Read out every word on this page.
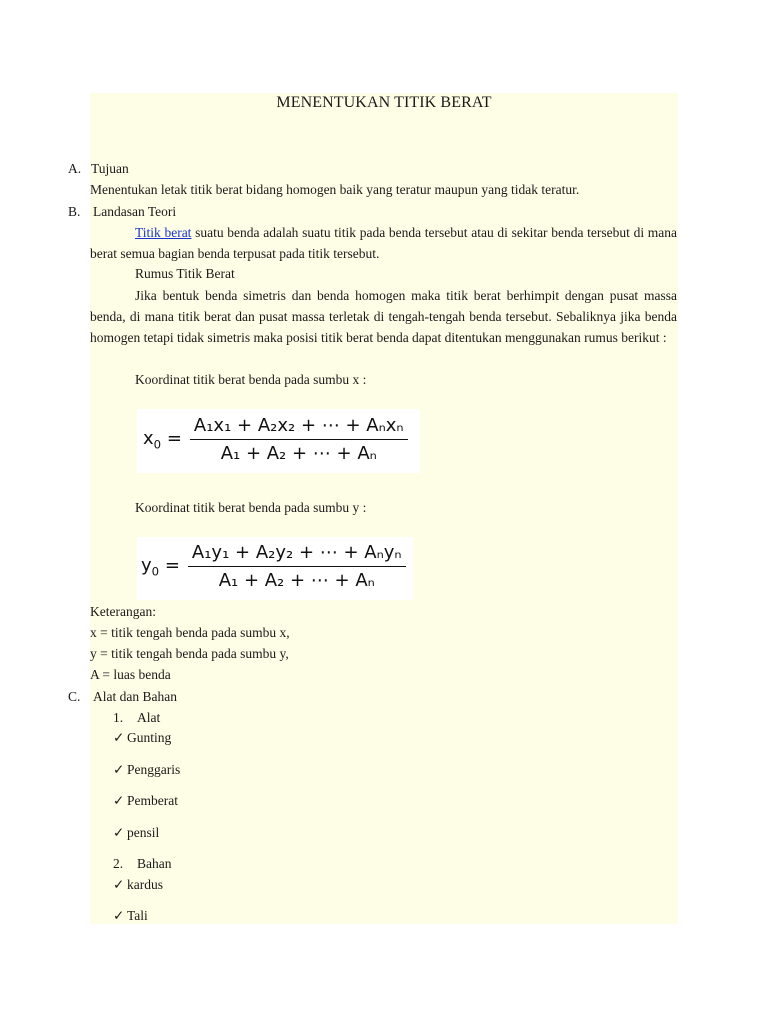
MENENTUKAN TITIK BERAT
A. Tujuan
Menentukan letak titik berat bidang homogen baik yang teratur maupun yang tidak teratur.
B. Landasan Teori
Titik berat suatu benda adalah suatu titik pada benda tersebut atau di sekitar benda tersebut di mana berat semua bagian benda terpusat pada titik tersebut.
Rumus Titik Berat
Jika bentuk benda simetris dan benda homogen maka titik berat berhimpit dengan pusat massa benda, di mana titik berat dan pusat massa terletak di tengah-tengah benda tersebut. Sebaliknya jika benda homogen tetapi tidak simetris maka posisi titik berat benda dapat ditentukan menggunakan rumus berikut :
Koordinat titik berat benda pada sumbu x :
$x_0 = \frac{\text{A₁x₁ + A₂x₂ + ⋯ + Aₙxₙ}}{\text{A₁ + A₂ + ⋯ + Aₙ}}$
Koordinat titik berat benda pada sumbu y :
$y_0 = \frac{\text{A₁y₁ + A₂y₂ + ⋯ + Aₙyₙ}}{\text{A₁ + A₂ + ⋯ + Aₙ}}$
Keterangan:
x = titik tengah benda pada sumbu x,
y = titik tengah benda pada sumbu y,
A = luas benda
C. Alat dan Bahan
1. Alat
✓ Gunting
✓ Penggaris
✓ Pemberat
✓ pensil
2. Bahan
✓ kardus
✓ Tali
